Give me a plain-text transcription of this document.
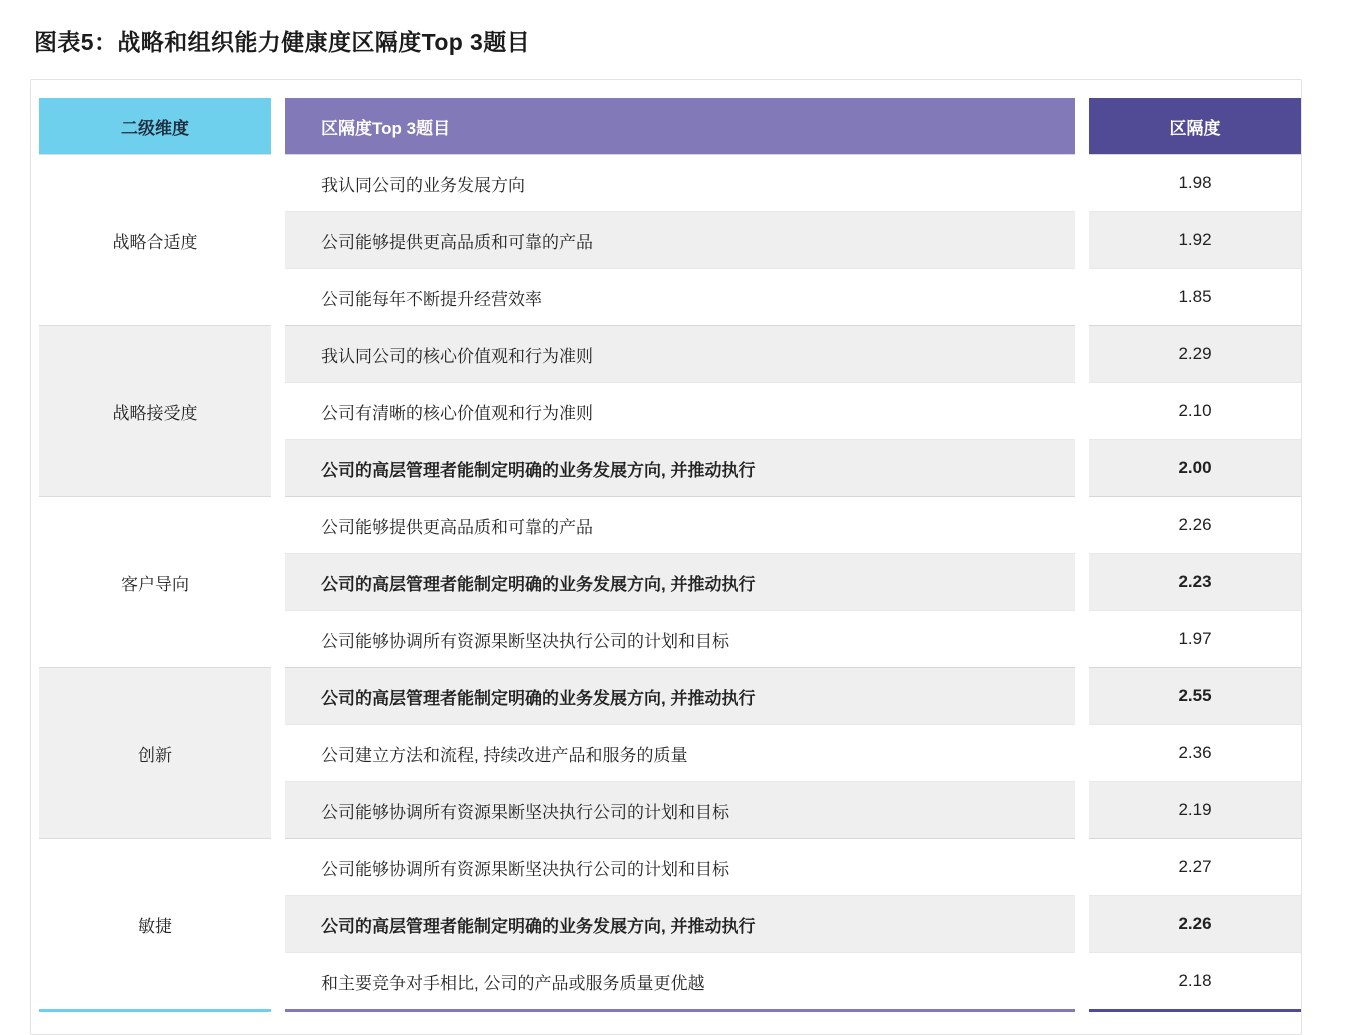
图表5：战略和组织能力健康度区隔度Top 3题目
二级维度		区隔度Top 3题目		区隔度
战略合适度		我认同公司的业务发展方向		1.98
		公司能够提供更高品质和可靠的产品		1.92
		公司能每年不断提升经营效率		1.85
战略接受度		我认同公司的核心价值观和行为准则		2.29
		公司有清晰的核心价值观和行为准则		2.10
		公司的高层管理者能制定明确的业务发展方向, 并推动执行		2.00
客户导向		公司能够提供更高品质和可靠的产品		2.26
		公司的高层管理者能制定明确的业务发展方向, 并推动执行		2.23
		公司能够协调所有资源果断坚决执行公司的计划和目标		1.97
创新		公司的高层管理者能制定明确的业务发展方向, 并推动执行		2.55
		公司建立方法和流程, 持续改进产品和服务的质量		2.36
		公司能够协调所有资源果断坚决执行公司的计划和目标		2.19
敏捷		公司能够协调所有资源果断坚决执行公司的计划和目标		2.27
		公司的高层管理者能制定明确的业务发展方向, 并推动执行		2.26
		和主要竞争对手相比, 公司的产品或服务质量更优越		2.18
